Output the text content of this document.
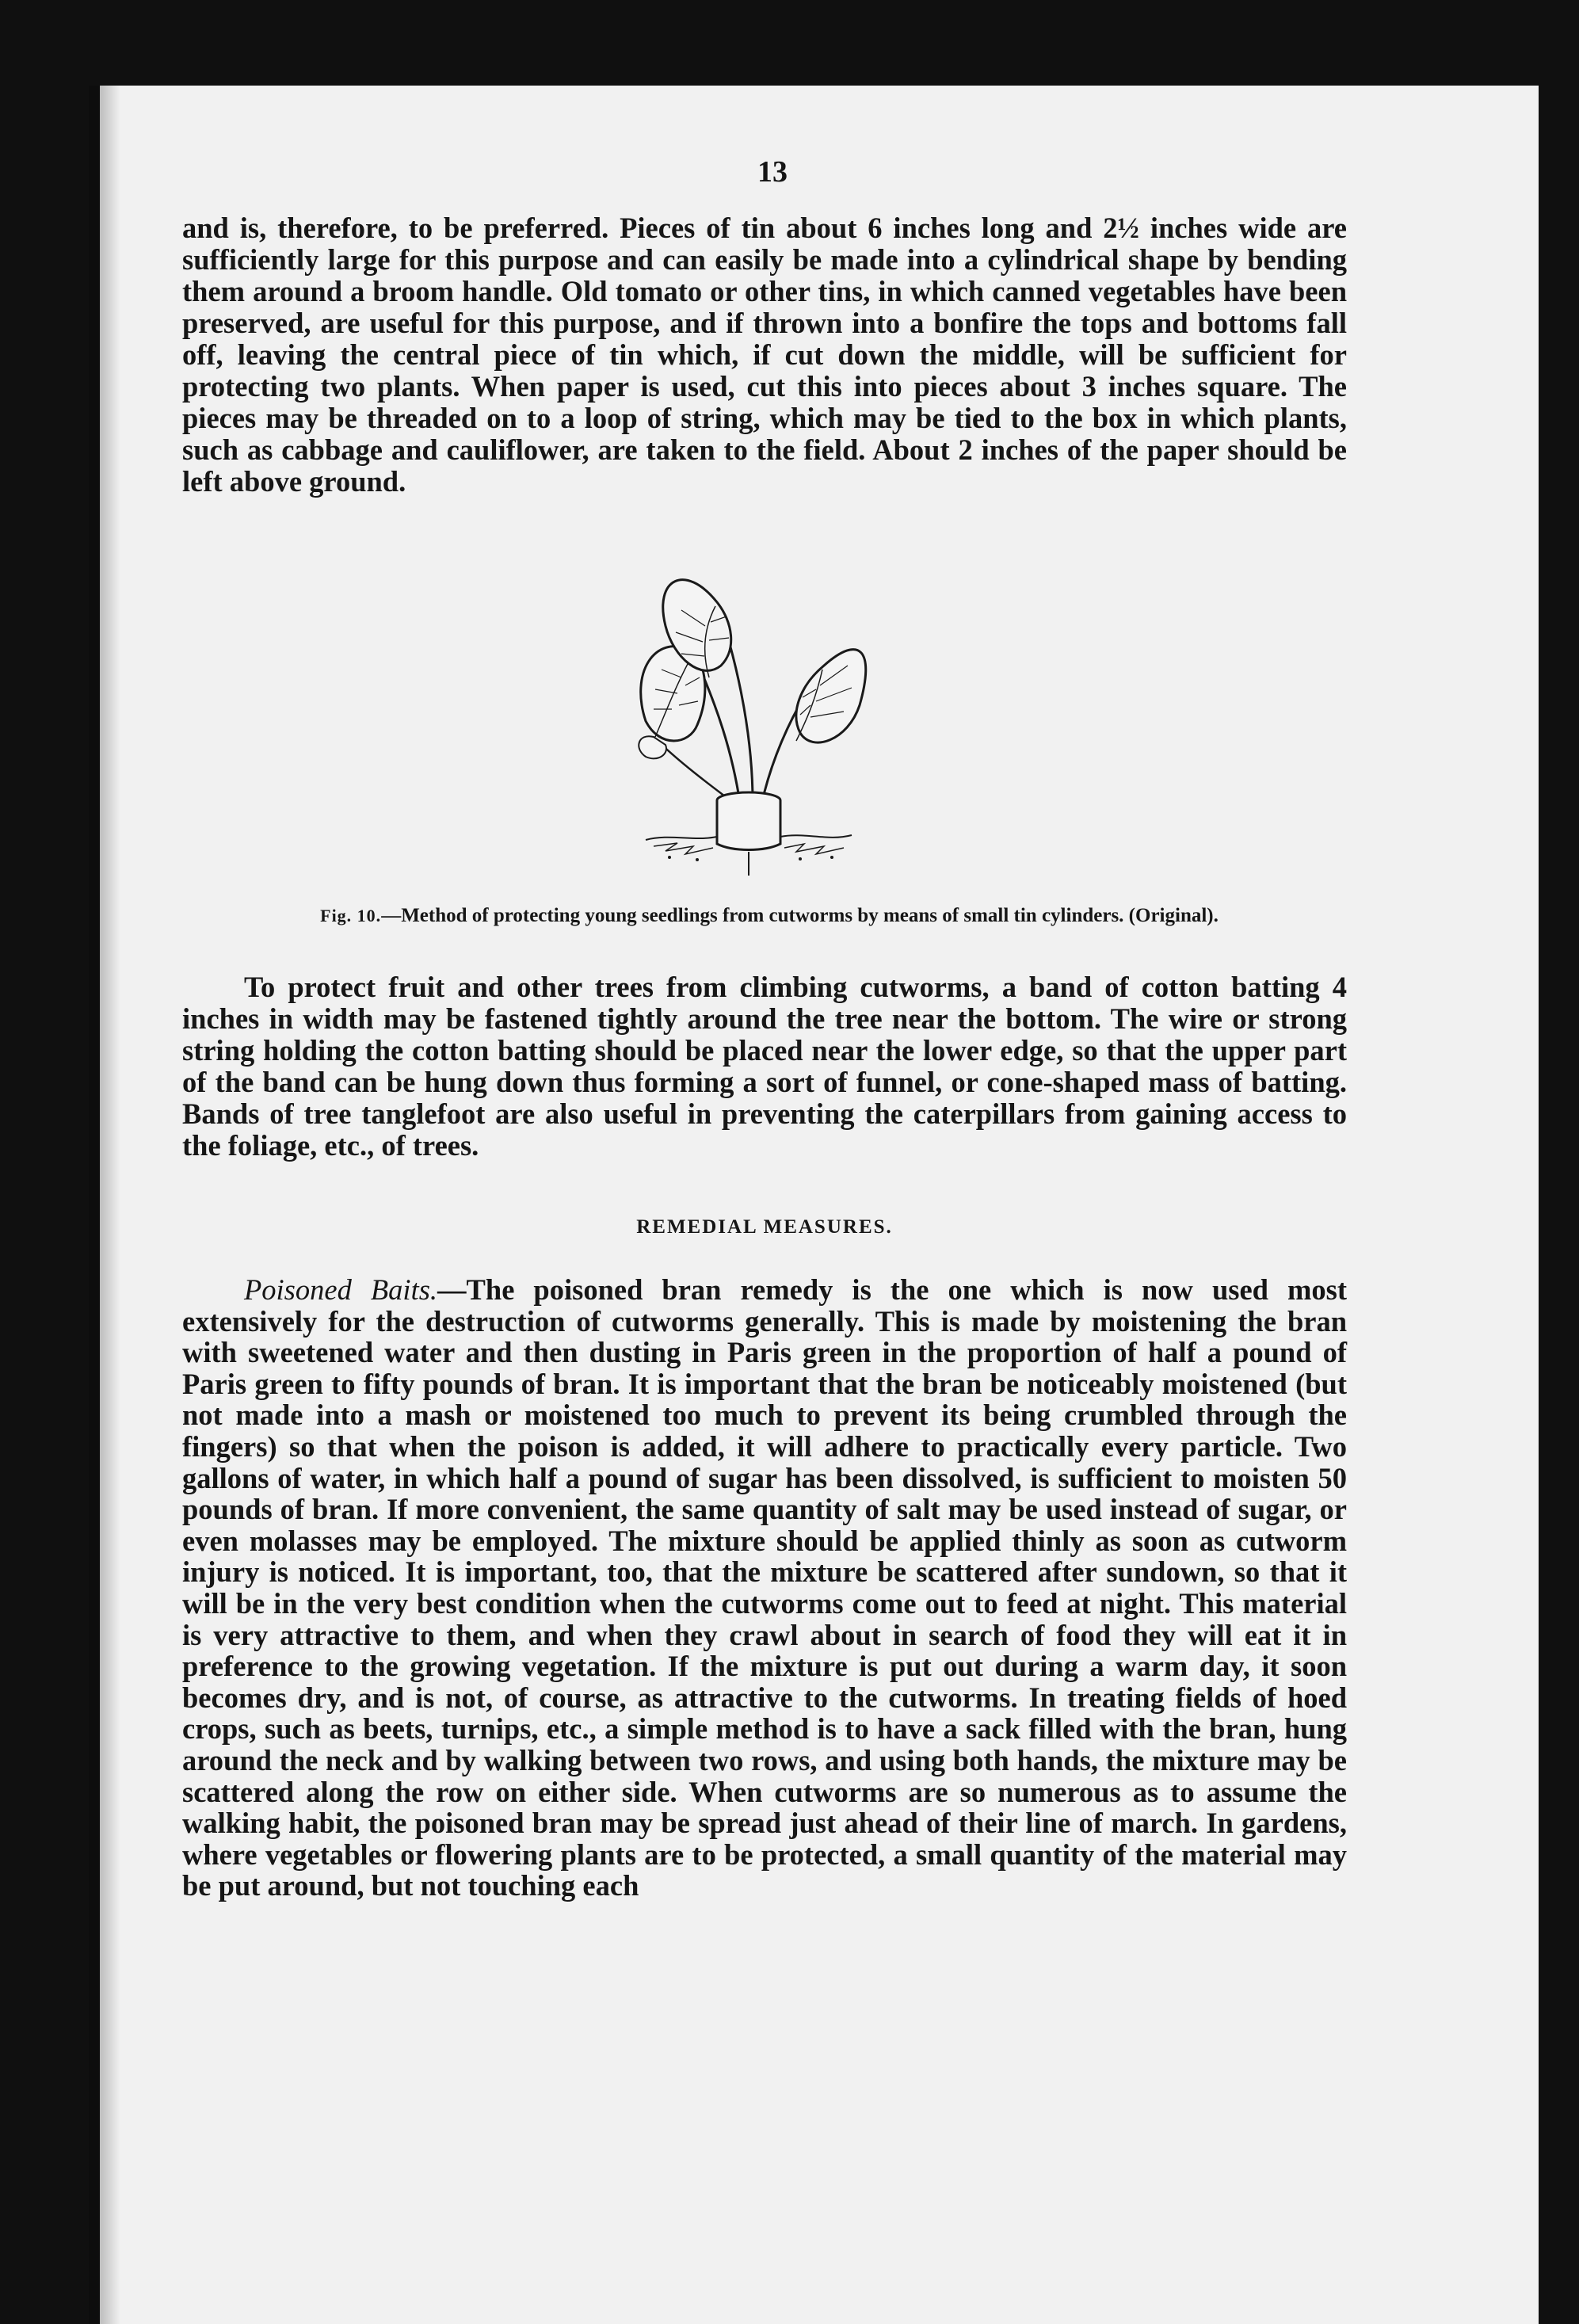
13

and is, therefore, to be preferred. Pieces of tin about 6 inches long and 2½ inches wide are sufficiently large for this purpose and can easily be made into a cylindrical shape by bending them around a broom handle. Old tomato or other tins, in which canned vegetables have been preserved, are useful for this purpose, and if thrown into a bonfire the tops and bottoms fall off, leaving the central piece of tin which, if cut down the middle, will be sufficient for protecting two plants. When paper is used, cut this into pieces about 3 inches square. The pieces may be threaded on to a loop of string, which may be tied to the box in which plants, such as cabbage and cauliflower, are taken to the field. About 2 inches of the paper should be left above ground.

Fig. 10.—Method of protecting young seedlings from cutworms by means of small tin cylinders. (Original).

To protect fruit and other trees from climbing cutworms, a band of cotton batting 4 inches in width may be fastened tightly around the tree near the bottom. The wire or strong string holding the cotton batting should be placed near the lower edge, so that the upper part of the band can be hung down thus forming a sort of funnel, or cone-shaped mass of batting. Bands of tree tanglefoot are also useful in preventing the caterpillars from gaining access to the foliage, etc., of trees.

REMEDIAL MEASURES.

Poisoned Baits.—The poisoned bran remedy is the one which is now used most extensively for the destruction of cutworms generally. This is made by moistening the bran with sweetened water and then dusting in Paris green in the proportion of half a pound of Paris green to fifty pounds of bran. It is important that the bran be noticeably moistened (but not made into a mash or moistened too much to prevent its being crumbled through the fingers) so that when the poison is added, it will adhere to practically every particle. Two gallons of water, in which half a pound of sugar has been dissolved, is sufficient to moisten 50 pounds of bran. If more convenient, the same quantity of salt may be used instead of sugar, or even molasses may be employed. The mixture should be applied thinly as soon as cutworm injury is noticed. It is important, too, that the mixture be scattered after sundown, so that it will be in the very best condition when the cutworms come out to feed at night. This material is very attractive to them, and when they crawl about in search of food they will eat it in preference to the growing vegetation. If the mixture is put out during a warm day, it soon becomes dry, and is not, of course, as attractive to the cutworms. In treating fields of hoed crops, such as beets, turnips, etc., a simple method is to have a sack filled with the bran, hung around the neck and by walking between two rows, and using both hands, the mixture may be scattered along the row on either side. When cutworms are so numerous as to assume the walking habit, the poisoned bran may be spread just ahead of their line of march. In gardens, where vegetables or flowering plants are to be protected, a small quantity of the material may be put around, but not touching each
